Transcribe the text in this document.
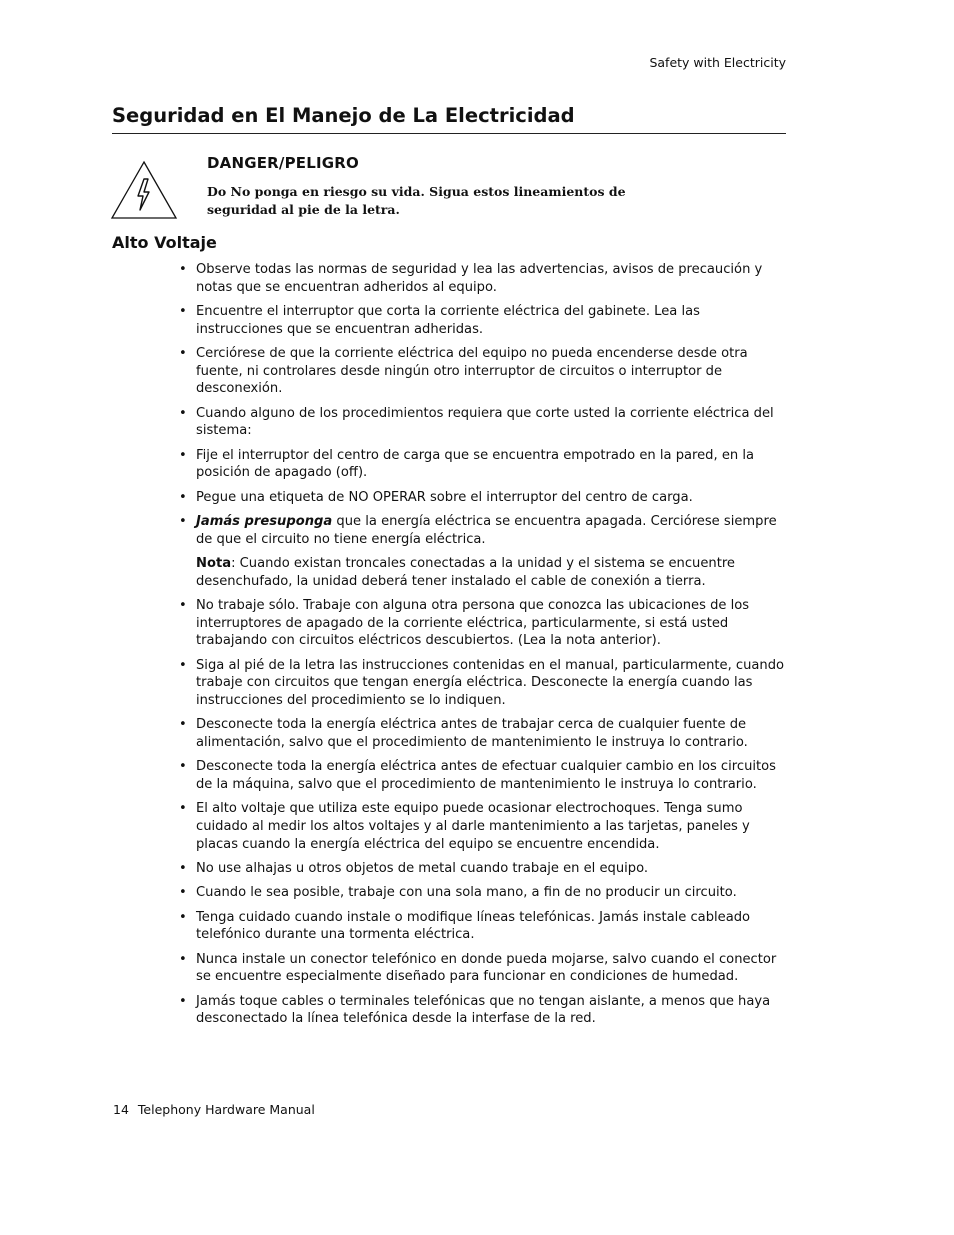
Safety with Electricity
Seguridad en El Manejo de La Electricidad
DANGER/PELIGRO

Do No ponga en riesgo su vida. Sigua estos lineamientos de seguridad al pie de la letra.

Alto Voltaje
• Observe todas las normas de seguridad y lea las advertencias, avisos de precaución y notas que se encuentran adheridos al equipo.
• Encuentre el interruptor que corta la corriente eléctrica del gabinete. Lea las instrucciones que se encuentran adheridas.
• Cerciórese de que la corriente eléctrica del equipo no pueda encenderse desde otra fuente, ni controlares desde ningún otro interruptor de circuitos o interruptor de desconexión.
• Cuando alguno de los procedimientos requiera que corte usted la corriente eléctrica del sistema:
• Fije el interruptor del centro de carga que se encuentra empotrado en la pared, en la posición de apagado (off).
• Pegue una etiqueta de NO OPERAR sobre el interruptor del centro de carga.
• Jamás presuponga que la energía eléctrica se encuentra apagada. Cerciórese siempre de que el circuito no tiene energía eléctrica.
Nota: Cuando existan troncales conectadas a la unidad y el sistema se encuentre desenchufado, la unidad deberá tener instalado el cable de conexión a tierra.
• No trabaje sólo. Trabaje con alguna otra persona que conozca las ubicaciones de los interruptores de apagado de la corriente eléctrica, particularmente, si está usted trabajando con circuitos eléctricos descubiertos. (Lea la nota anterior).
• Siga al pié de la letra las instrucciones contenidas en el manual, particularmente, cuando trabaje con circuitos que tengan energía eléctrica. Desconecte la energía cuando las instrucciones del procedimiento se lo indiquen.
• Desconecte toda la energía eléctrica antes de trabajar cerca de cualquier fuente de alimentación, salvo que el procedimiento de mantenimiento le instruya lo contrario.
• Desconecte toda la energía eléctrica antes de efectuar cualquier cambio en los circuitos de la máquina, salvo que el procedimiento de mantenimiento le instruya lo contrario.
• El alto voltaje que utiliza este equipo puede ocasionar electrochoques. Tenga sumo cuidado al medir los altos voltajes y al darle mantenimiento a las tarjetas, paneles y placas cuando la energía eléctrica del equipo se encuentre encendida.
• No use alhajas u otros objetos de metal cuando trabaje en el equipo.
• Cuando le sea posible, trabaje con una sola mano, a fin de no producir un circuito.
• Tenga cuidado cuando instale o modifique líneas telefónicas. Jamás instale cableado telefónico durante una tormenta eléctrica.
• Nunca instale un conector telefónico en donde pueda mojarse, salvo cuando el conector se encuentre especialmente diseñado para funcionar en condiciones de humedad.
• Jamás toque cables o terminales telefónicas que no tengan aislante, a menos que haya desconectado la línea telefónica desde la interfase de la red.
14 Telephony Hardware Manual
